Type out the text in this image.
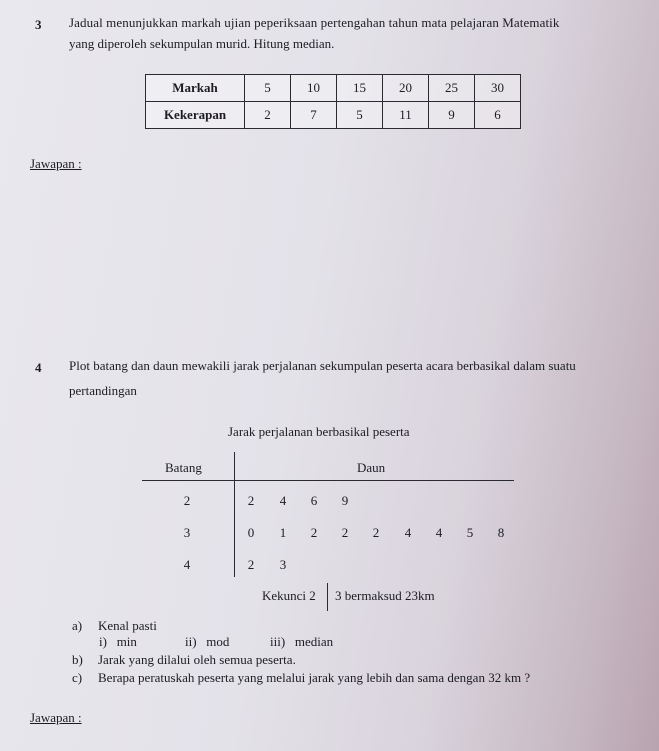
3 Jadual menunjukkan markah ujian peperiksaan pertengahan tahun mata pelajaran Matematik
yang diperoleh sekumpulan murid. Hitung median.
Markah	5	10	15	20	25	30
Kekerapan	2	7	5	11	9	6
Jawapan :
4 Plot batang dan daun mewakili jarak perjalanan sekumpulan peserta acara berbasikal dalam suatu
pertandingan
Jarak perjalanan berbasikal peserta
Batang	Daun
2	2 4 6 9
3	0 1 2 2 2 4 4 5 8
4	2 3
Kekunci 2 3 bermaksud 23km
a) Kenal pasti
i)   min	ii)   mod	iii)   median
b) Jarak yang dilalui oleh semua peserta.
c) Berapa peratuskah peserta yang melalui jarak yang lebih dan sama dengan 32 km ?
Jawapan :
